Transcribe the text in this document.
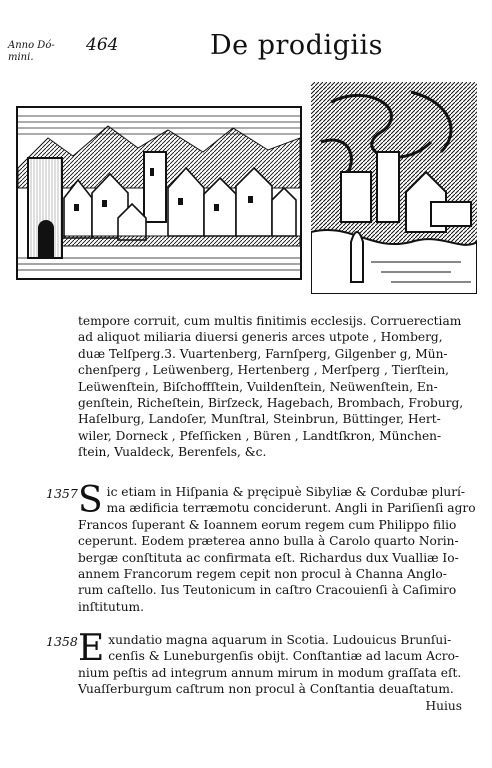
Anno Dó-
mini.
464	De prodigiis
tempore corruit, cum multis finitimis ecclesijs. Corruerectiam
ad aliquot miliaria diuersi generis arces utpote , Homberg,
duæ Telſperg.3. Vuartenberg, Farnſperg, Gilgenber g, Mün-
chenſperg , Leüwenberg, Hertenberg , Merſperg , Tierſtein,
Leüwenſtein, Biſchoffſtein, Vuildenſtein, Neüwenſtein, En-
genſtein, Richeſtein, Birſzeck, Hagebach, Brombach, Froburg,
Haſelburg, Landoſer, Munſtral, Steinbrun, Büttinger, Hert-
wiler, Dorneck , Pfeſſicken , Büren , Landtſkron, München-
ſtein, Vualdeck, Berenfels, &c.
1357 S ic etiam in Hiſpania & pręcipuè Sibyliæ & Cordubæ plurí-
ma ædificia terræmotu conciderunt. Angli in Pariſienſi agro
Francos ſuperant & Ioannem eorum regem cum Philippo filio
ceperunt. Eodem præterea anno bulla à Carolo quarto Norin-
bergæ conſtituta ac confirmata eſt. Richardus dux Vualliæ Io-
annem Francorum regem cepit non procul à Channa Anglo-
rum caſtello. Ius Teutonicum in caſtro Cracouienſi à Caſimiro
inſtitutum.
1358 E xundatio magna aquarum in Scotia. Ludouicus Brunſui-
cenſis & Luneburgenſis obijt. Conſtantiæ ad lacum Acro-
nium peſtis ad integrum annum mirum in modum graſſata eſt.
Vuaſſerburgum caſtrum non procul à Conſtantia deuaſtatum.
Huius
